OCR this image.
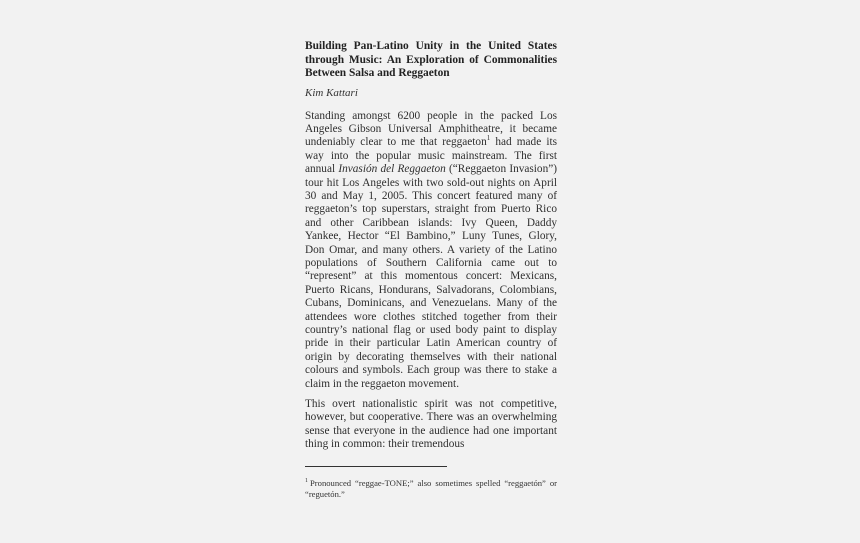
Building Pan-Latino Unity in the United States through Music: An Exploration of Commonalities Between Salsa and Reggaeton
Kim Kattari

Standing amongst 6200 people in the packed Los Angeles Gibson Universal Amphitheatre, it became undeniably clear to me that reggaeton$^1$ had made its way into the popular music mainstream. The first annual Invasión del Reggaeton (“Reggaeton Invasion”) tour hit Los Angeles with two sold-out nights on April 30 and May 1, 2005. This concert featured many of reggaeton’s top superstars, straight from Puerto Rico and other Caribbean islands: Ivy Queen, Daddy Yankee, Hector “El Bambino,” Luny Tunes, Glory, Don Omar, and many others. A variety of the Latino populations of Southern California came out to “represent” at this momentous concert: Mexicans, Puerto Ricans, Hondurans, Salvadorans, Colombians, Cubans, Dominicans, and Venezuelans. Many of the attendees wore clothes stitched together from their country’s national flag or used body paint to display pride in their particular Latin American country of origin by decorating themselves with their national colours and symbols. Each group was there to stake a claim in the reggaeton movement.

This overt nationalistic spirit was not competitive, however, but cooperative. There was an overwhelming sense that everyone in the audience had one important thing in common: their tremendous

$^1$ Pronounced “reggae-TONE;” also sometimes spelled “reggaetón” or “reguetón.”
